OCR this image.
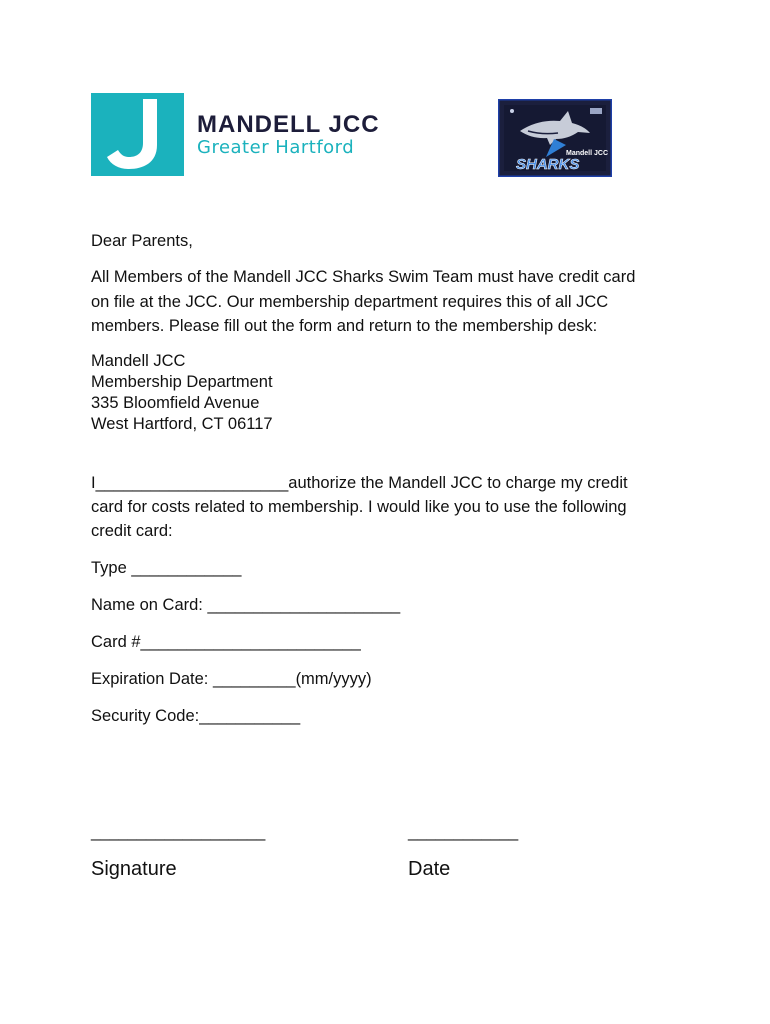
MANDELL JCC
Greater Hartford	Mandell JCC
SHARKS
Dear Parents,
All Members of the Mandell JCC Sharks Swim Team must have credit card
on file at the JCC. Our membership department requires this of all JCC
members. Please fill out the form and return to the membership desk:
Mandell JCC
Membership Department
335 Bloomfield Avenue
West Hartford, CT 06117
I_____________________authorize the Mandell JCC to charge my credit
card for costs related to membership. I would like you to use the following
credit card:
Type ____________
Name on Card: _____________________
Card #________________________
Expiration Date: _________(mm/yyyy)
Security Code:___________
___________________	____________
Signature	Date
